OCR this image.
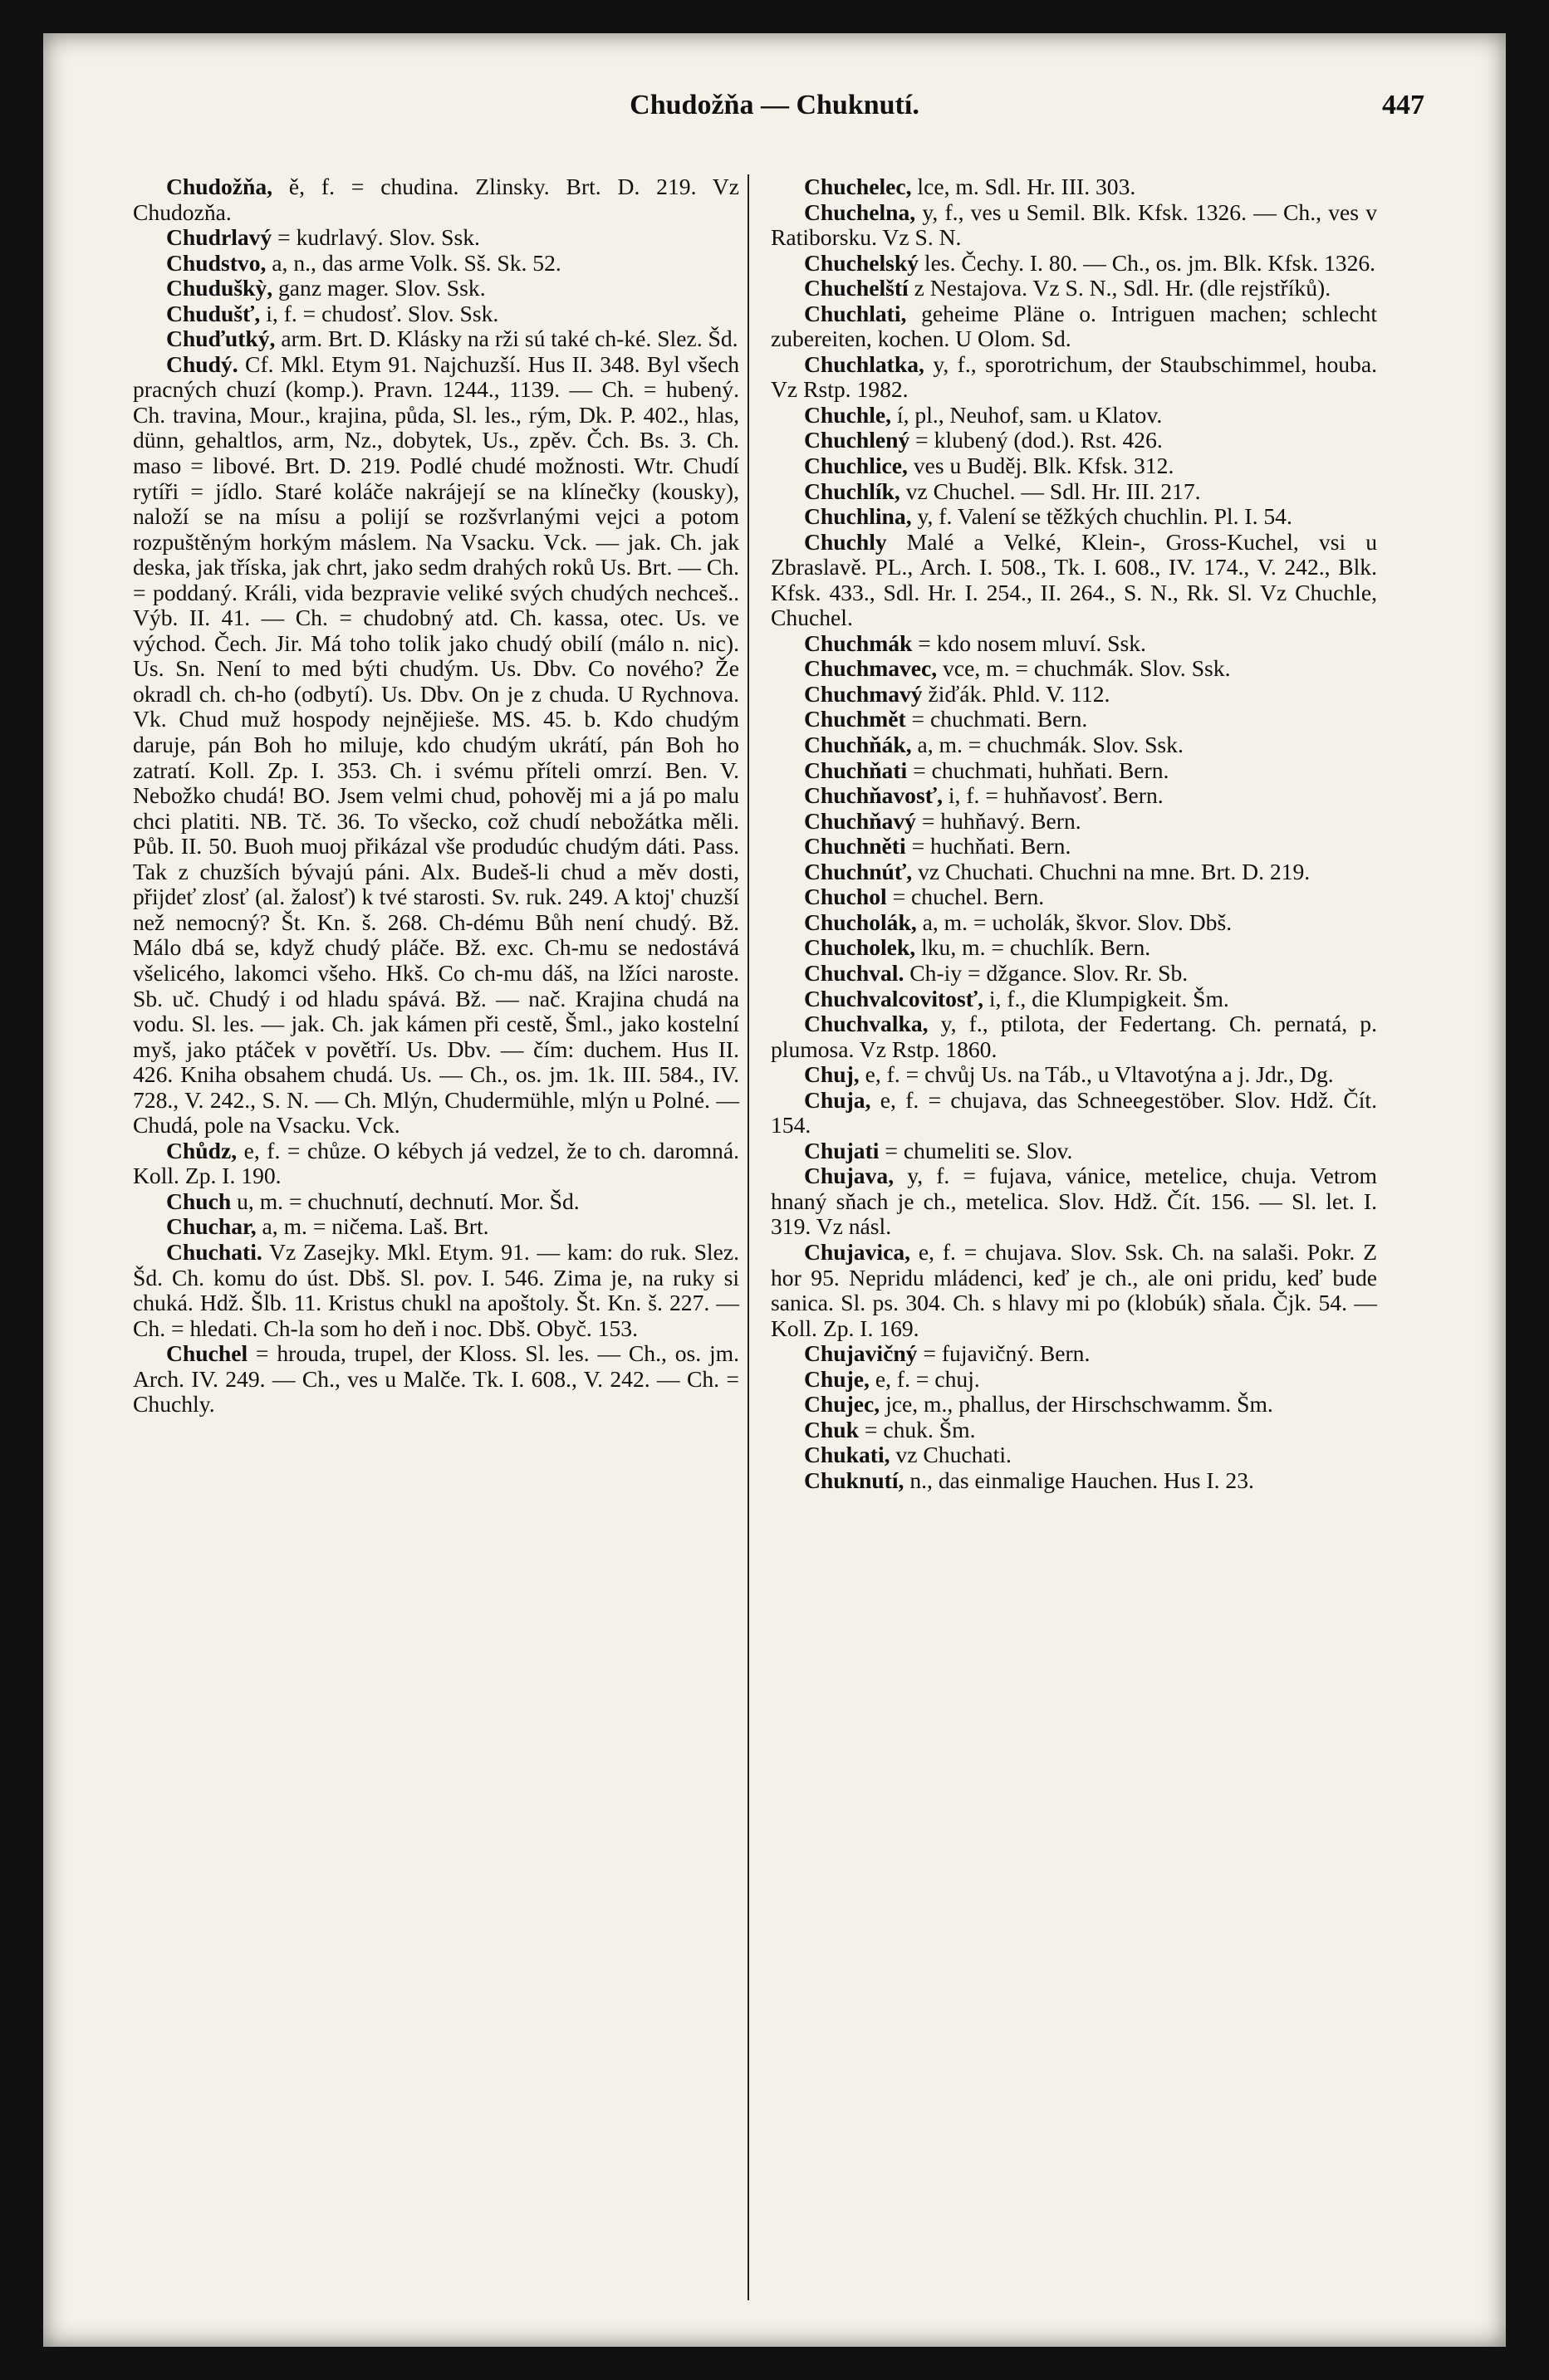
Chudožňa — Chuknutí.	447

Chudožňa, ě, f. = chudina. Zlinsky. Brt. D. 219. Vz Chudozňa.

Chudrlavý = kudrlavý. Slov. Ssk.

Chudstvo, a, n., das arme Volk. Sš. Sk. 52.

Chuduškỳ, ganz mager. Slov. Ssk.

Chudušť, i, f. = chudosť. Slov. Ssk.

Chuďutký, arm. Brt. D. Klásky na rži sú také ch-ké. Slez. Šd.

Chudý. Cf. Mkl. Etym 91. Najchuzší. Hus II. 348. Byl všech pracných chuzí (komp.). Pravn. 1244., 1139. — Ch. = hubený. Ch. travina, Mour., krajina, půda, Sl. les., rým, Dk. P. 402., hlas, dünn, gehaltlos, arm, Nz., dobytek, Us., zpěv. Čch. Bs. 3. Ch. maso = libové. Brt. D. 219. Podlé chudé možnosti. Wtr. Chudí rytíři = jídlo. Staré koláče nakrájejí se na klínečky (kousky), naloží se na mísu a polijí se rozšvrlanými vejci a potom rozpuštěným horkým máslem. Na Vsacku. Vck. — jak. Ch. jak deska, jak tříska, jak chrt, jako sedm drahých roků Us. Brt. — Ch. = poddaný. Králi, vida bezpravie veliké svých chudých nechceš.. Výb. II. 41. — Ch. = chudobný atd. Ch. kassa, otec. Us. ve východ. Čech. Jir. Má toho tolik jako chudý obilí (málo n. nic). Us. Sn. Není to med býti chudým. Us. Dbv. Co nového? Že okradl ch. ch-ho (odbytí). Us. Dbv. On je z chuda. U Rychnova. Vk. Chud muž hospody nejnějieše. MS. 45. b. Kdo chudým daruje, pán Boh ho miluje, kdo chudým ukrátí, pán Boh ho zatratí. Koll. Zp. I. 353. Ch. i svému příteli omrzí. Ben. V. Nebožko chudá! BO. Jsem velmi chud, pohověj mi a já po malu chci platiti. NB. Tč. 36. To všecko, což chudí nebožátka měli. Půb. II. 50. Buoh muoj přikázal vše produdúc chudým dáti. Pass. Tak z chuzších bývajú páni. Alx. Budeš-li chud a měv dosti, přijdeť zlosť (al. žalosť) k tvé starosti. Sv. ruk. 249. A ktoj' chuzší než nemocný? Št. Kn. š. 268. Ch-dému Bůh není chudý. Bž. Málo dbá se, když chudý pláče. Bž. exc. Ch-mu se nedostává všelicého, lakomci všeho. Hkš. Co ch-mu dáš, na lžíci naroste. Sb. uč. Chudý i od hladu spává. Bž. — nač. Krajina chudá na vodu. Sl. les. — jak. Ch. jak kámen při cestě, Šml., jako kostelní myš, jako ptáček v povětří. Us. Dbv. — čím: duchem. Hus II. 426. Kniha obsahem chudá. Us. — Ch., os. jm. 1k. III. 584., IV. 728., V. 242., S. N. — Ch. Mlýn, Chudermühle, mlýn u Polné. — Chudá, pole na Vsacku. Vck.

Chůdz, e, f. = chůze. O kébych já vedzel, že to ch. daromná. Koll. Zp. I. 190.

Chuch u, m. = chuchnutí, dechnutí. Mor. Šd.

Chuchar, a, m. = ničema. Laš. Brt.

Chuchati. Vz Zasejky. Mkl. Etym. 91. — kam: do ruk. Slez. Šd. Ch. komu do úst. Dbš. Sl. pov. I. 546. Zima je, na ruky si chuká. Hdž. Šlb. 11. Kristus chukl na apoštoly. Št. Kn. š. 227. — Ch. = hledati. Ch-la som ho deň i noc. Dbš. Obyč. 153.

Chuchel = hrouda, trupel, der Kloss. Sl. les. — Ch., os. jm. Arch. IV. 249. — Ch., ves u Malče. Tk. I. 608., V. 242. — Ch. = Chuchly.

Chuchelec, lce, m. Sdl. Hr. III. 303.

Chuchelna, y, f., ves u Semil. Blk. Kfsk. 1326. — Ch., ves v Ratiborsku. Vz S. N.

Chuchelský les. Čechy. I. 80. — Ch., os. jm. Blk. Kfsk. 1326.

Chuchelští z Nestajova. Vz S. N., Sdl. Hr. (dle rejstříků).

Chuchlati, geheime Pläne o. Intriguen machen; schlecht zubereiten, kochen. U Olom. Sd.

Chuchlatka, y, f., sporotrichum, der Staubschimmel, houba. Vz Rstp. 1982.

Chuchle, í, pl., Neuhof, sam. u Klatov.

Chuchlený = klubený (dod.). Rst. 426.

Chuchlice, ves u Buděj. Blk. Kfsk. 312.

Chuchlík, vz Chuchel. — Sdl. Hr. III. 217.

Chuchlina, y, f. Valení se těžkých chuchlin. Pl. I. 54.

Chuchly Malé a Velké, Klein-, Gross-Kuchel, vsi u Zbraslavě. PL., Arch. I. 508., Tk. I. 608., IV. 174., V. 242., Blk. Kfsk. 433., Sdl. Hr. I. 254., II. 264., S. N., Rk. Sl. Vz Chuchle, Chuchel.

Chuchmák = kdo nosem mluví. Ssk.

Chuchmavec, vce, m. = chuchmák. Slov. Ssk.

Chuchmavý žiďák. Phld. V. 112.

Chuchmět = chuchmati. Bern.

Chuchňák, a, m. = chuchmák. Slov. Ssk.

Chuchňati = chuchmati, huhňati. Bern.

Chuchňavosť, i, f. = huhňavosť. Bern.

Chuchňavý = huhňavý. Bern.

Chuchněti = huchňati. Bern.

Chuchnúť, vz Chuchati. Chuchni na mne. Brt. D. 219.

Chuchol = chuchel. Bern.

Chucholák, a, m. = ucholák, škvor. Slov. Dbš.

Chucholek, lku, m. = chuchlík. Bern.

Chuchval. Ch-iy = džgance. Slov. Rr. Sb.

Chuchvalcovitosť, i, f., die Klumpigkeit. Šm.

Chuchvalka, y, f., ptilota, der Federtang. Ch. pernatá, p. plumosa. Vz Rstp. 1860.

Chuj, e, f. = chvůj Us. na Táb., u Vltavotýna a j. Jdr., Dg.

Chuja, e, f. = chujava, das Schneegestöber. Slov. Hdž. Čít. 154.

Chujati = chumeliti se. Slov.

Chujava, y, f. = fujava, vánice, metelice, chuja. Vetrom hnaný sňach je ch., metelica. Slov. Hdž. Čít. 156. — Sl. let. I. 319. Vz násl.

Chujavica, e, f. = chujava. Slov. Ssk. Ch. na salaši. Pokr. Z hor 95. Nepridu mládenci, keď je ch., ale oni pridu, keď bude sanica. Sl. ps. 304. Ch. s hlavy mi po (klobúk) sňala. Čjk. 54. — Koll. Zp. I. 169.

Chujavičný = fujavičný. Bern.

Chuje, e, f. = chuj.

Chujec, jce, m., phallus, der Hirschschwamm. Šm.

Chuk = chuk. Šm.

Chukati, vz Chuchati.

Chuknutí, n., das einmalige Hauchen. Hus I. 23.
